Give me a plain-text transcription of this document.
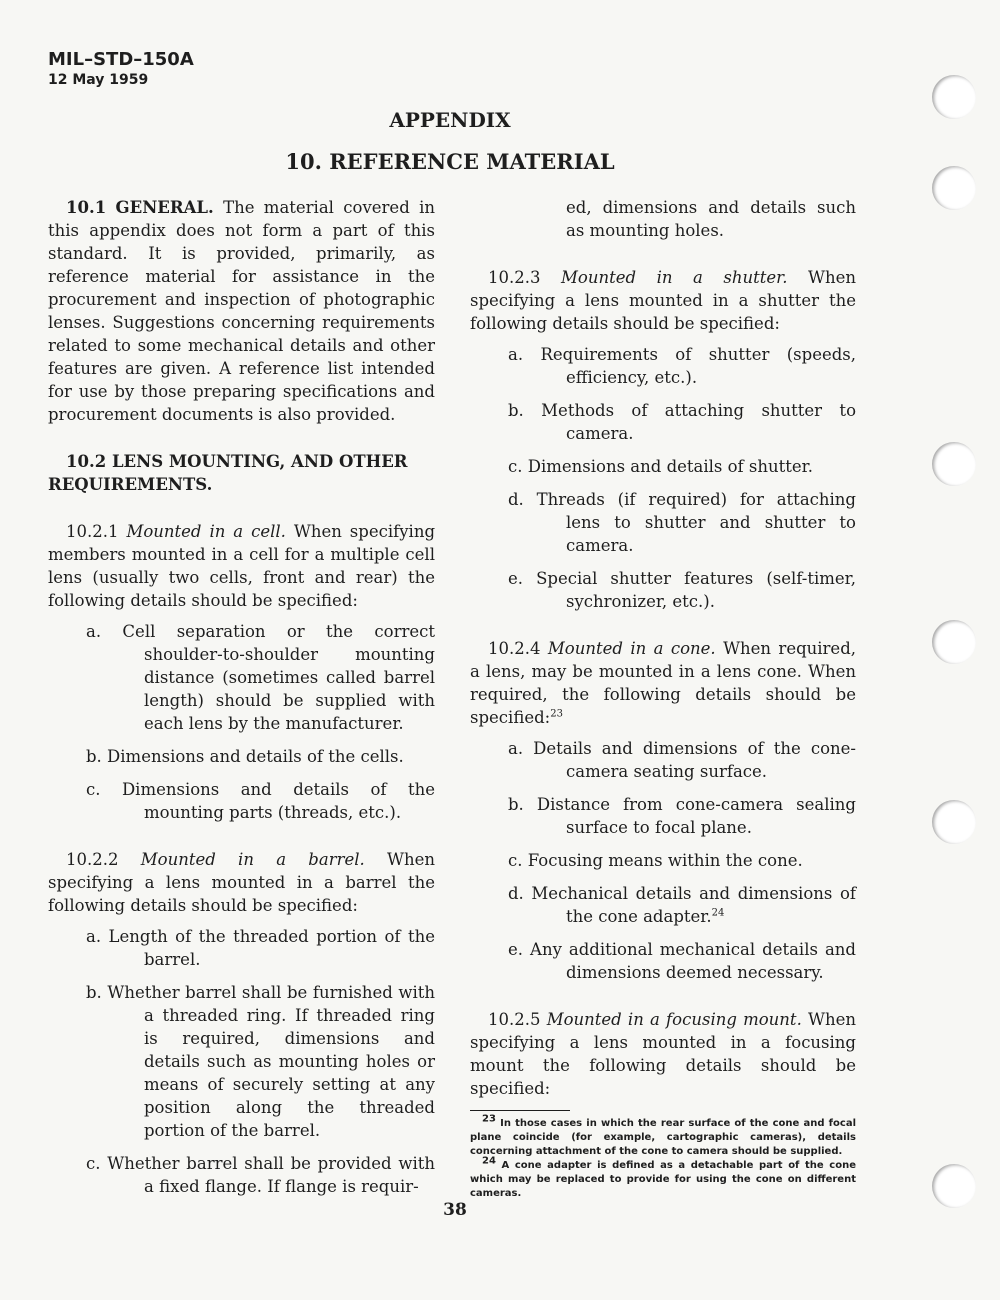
MIL–STD–150A
12 May 1959
APPENDIX
10. REFERENCE MATERIAL

10.1 GENERAL. The material covered in this appendix does not form a part of this standard. It is provided, primarily, as reference material for assistance in the procurement and inspection of photographic lenses. Suggestions concerning requirements related to some mechanical details and other features are given. A reference list intended for use by those preparing specifications and procurement documents is also provided.

10.2 LENS MOUNTING, AND OTHER REQUIREMENTS.

10.2.1 Mounted in a cell. When specifying members mounted in a cell for a multiple cell lens (usually two cells, front and rear) the following details should be specified:

a. Cell separation or the correct shoulder-to-shoulder mounting distance (sometimes called barrel length) should be supplied with each lens by the manufacturer.

b. Dimensions and details of the cells.

c. Dimensions and details of the mounting parts (threads, etc.).

10.2.2 Mounted in a barrel. When specifying a lens mounted in a barrel the following details should be specified:

a. Length of the threaded portion of the barrel.

b. Whether barrel shall be furnished with a threaded ring. If threaded ring is required, dimensions and details such as mounting holes or means of securely setting at any position along the threaded portion of the barrel.

c. Whether barrel shall be provided with a fixed flange. If flange is requir-

ed, dimensions and details such as mounting holes.

10.2.3 Mounted in a shutter. When specifying a lens mounted in a shutter the following details should be specified:

a. Requirements of shutter (speeds, efficiency, etc.).

b. Methods of attaching shutter to camera.

c. Dimensions and details of shutter.

d. Threads (if required) for attaching lens to shutter and shutter to camera.

e. Special shutter features (self-timer, sychronizer, etc.).

10.2.4 Mounted in a cone. When required, a lens, may be mounted in a lens cone. When required, the following details should be specified:$^{23}$

a. Details and dimensions of the cone-camera seating surface.

b. Distance from cone-camera sealing surface to focal plane.

c. Focusing means within the cone.

d. Mechanical details and dimensions of the cone adapter.$^{24}$

e. Any additional mechanical details and dimensions deemed necessary.

10.2.5 Mounted in a focusing mount. When specifying a lens mounted in a focusing mount the following details should be specified:

$^{23}$ In those cases in which the rear surface of the cone and focal plane coincide (for example, cartographic cameras), details concerning attachment of the cone to camera should be supplied.

$^{24}$ A cone adapter is defined as a detachable part of the cone which may be replaced to provide for using the cone on different cameras.

38
